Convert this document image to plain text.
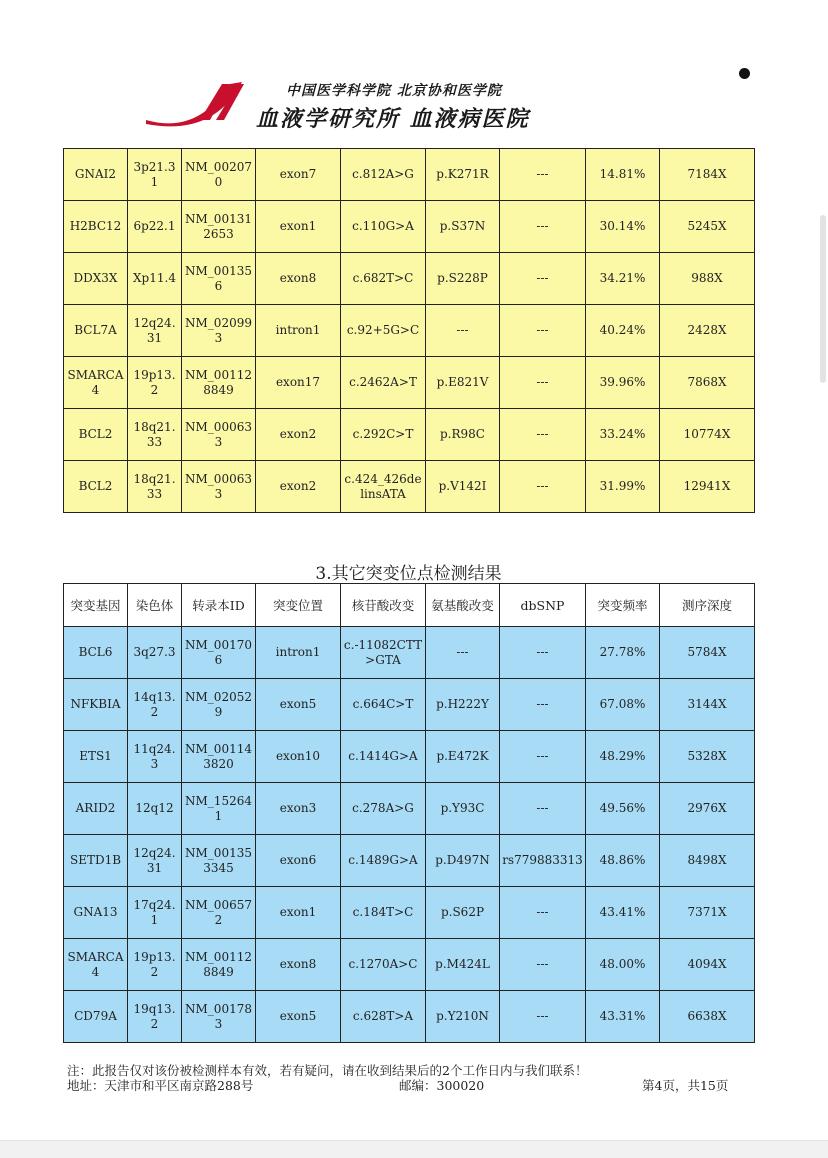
中国医学科学院 北京协和医学院
血液学研究所 血液病医院
GNAI2	3p21.31	NM_002070	exon7	c.812A>G	p.K271R	---	14.81%	7184X
H2BC12	6p22.1	NM_001312653	exon1	c.110G>A	p.S37N	---	30.14%	5245X
DDX3X	Xp11.4	NM_001356	exon8	c.682T>C	p.S228P	---	34.21%	988X
BCL7A	12q24.31	NM_020993	intron1	c.92+5G>C	---	---	40.24%	2428X
SMARCA4	19p13.2	NM_001128849	exon17	c.2462A>T	p.E821V	---	39.96%	7868X
BCL2	18q21.33	NM_000633	exon2	c.292C>T	p.R98C	---	33.24%	10774X
BCL2	18q21.33	NM_000633	exon2	c.424_426delinsATA	p.V142I	---	31.99%	12941X
3.其它突变位点检测结果
突变基因	染色体	转录本ID	突变位置	核苷酸改变	氨基酸改变	dbSNP	突变频率	测序深度
BCL6	3q27.3	NM_001706	intron1	c.-11082CTT>GTA	---	---	27.78%	5784X
NFKBIA	14q13.2	NM_020529	exon5	c.664C>T	p.H222Y	---	67.08%	3144X
ETS1	11q24.3	NM_001143820	exon10	c.1414G>A	p.E472K	---	48.29%	5328X
ARID2	12q12	NM_152641	exon3	c.278A>G	p.Y93C	---	49.56%	2976X
SETD1B	12q24.31	NM_001353345	exon6	c.1489G>A	p.D497N	rs779883313	48.86%	8498X
GNA13	17q24.1	NM_006572	exon1	c.184T>C	p.S62P	---	43.41%	7371X
SMARCA4	19p13.2	NM_001128849	exon8	c.1270A>C	p.M424L	---	48.00%	4094X
CD79A	19q13.2	NM_001783	exon5	c.628T>A	p.Y210N	---	43.31%	6638X
注：此报告仅对该份被检测样本有效，若有疑问，请在收到结果后的2个工作日内与我们联系！
地址：天津市和平区南京路288号	邮编：300020	第4页，共15页
